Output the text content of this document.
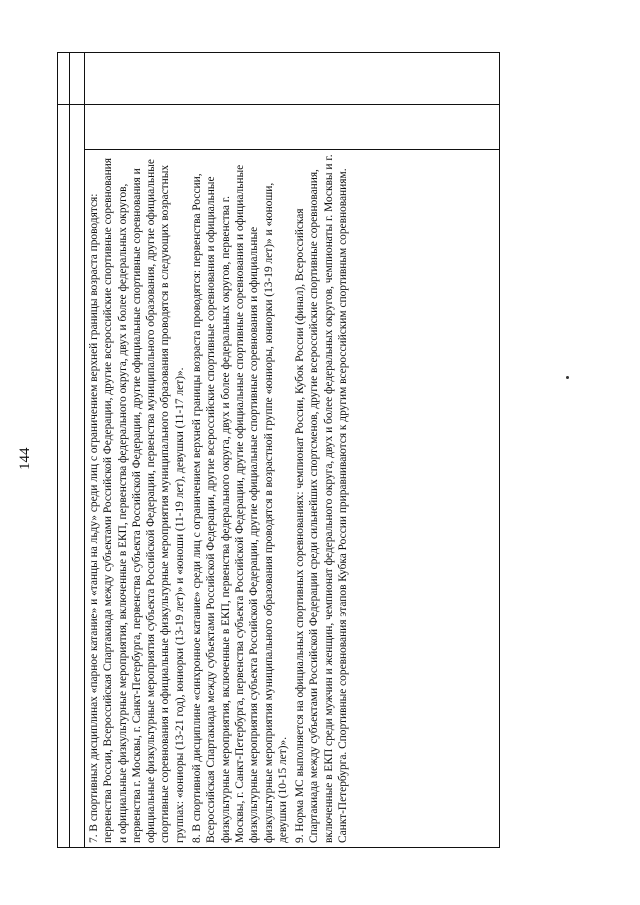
144	7. В спортивных дисциплинах «парное катание» и «танцы на льду» среди лиц с ограничением верхней границы возраста проводятся: первенства России, Всероссийская Спартакиада между субъектами Российской Федерации, другие всероссийские спортивные соревнования и официальные физкультурные мероприятия, включенные в ЕКП, первенства федерального округа, двух и более федеральных округов, первенства г. Москвы, г. Санкт-Петербурга, первенства субъекта Российской Федерации, другие официальные спортивные соревнования и официальные физкультурные мероприятия субъекта Российской Федерации, первенства муниципального образования, другие официальные спортивные соревнования и официальные физкультурные мероприятия муниципального образования проводятся в следующих возрастных группах: «юниоры (13-21 год), юниорки (13-19 лет)» и «юноши (11-19 лет), девушки (11-17 лет)». 8. В спортивной дисциплине «синхронное катание» среди лиц с ограничением верхней границы возраста проводятся: первенства России, Всероссийская Спартакиада между субъектами Российской Федерации, другие всероссийские спортивные соревнования и официальные физкультурные мероприятия, включенные в ЕКП, первенства федерального округа, двух и более федеральных округов, первенства г. Москвы, г. Санкт-Петербурга, первенства субъекта Российской Федерации, другие официальные спортивные соревнования и официальные физкультурные мероприятия субъекта Российской Федерации, другие официальные спортивные соревнования и официальные физкультурные мероприятия муниципального образования проводятся в возрастной группе «юниоры, юниорки (13-19 лет)» и «юноши, девушки (10-15 лет)». 9. Норма МС выполняется на официальных спортивных соревнованиях: чемпионат России, Кубок России (финал), Всероссийская Спартакиада между субъектами Российской Федерации среди сильнейших спортсменов, другие всероссийские спортивные соревнования, включенные в ЕКП среди мужчин и женщин, чемпионат федерального округа, двух и более федеральных округов, чемпионаты г. Москвы и г. Санкт-Петербурга. Спортивные соревнования этапов Кубка России приравниваются к другим всероссийским спортивным соревнованиям.
